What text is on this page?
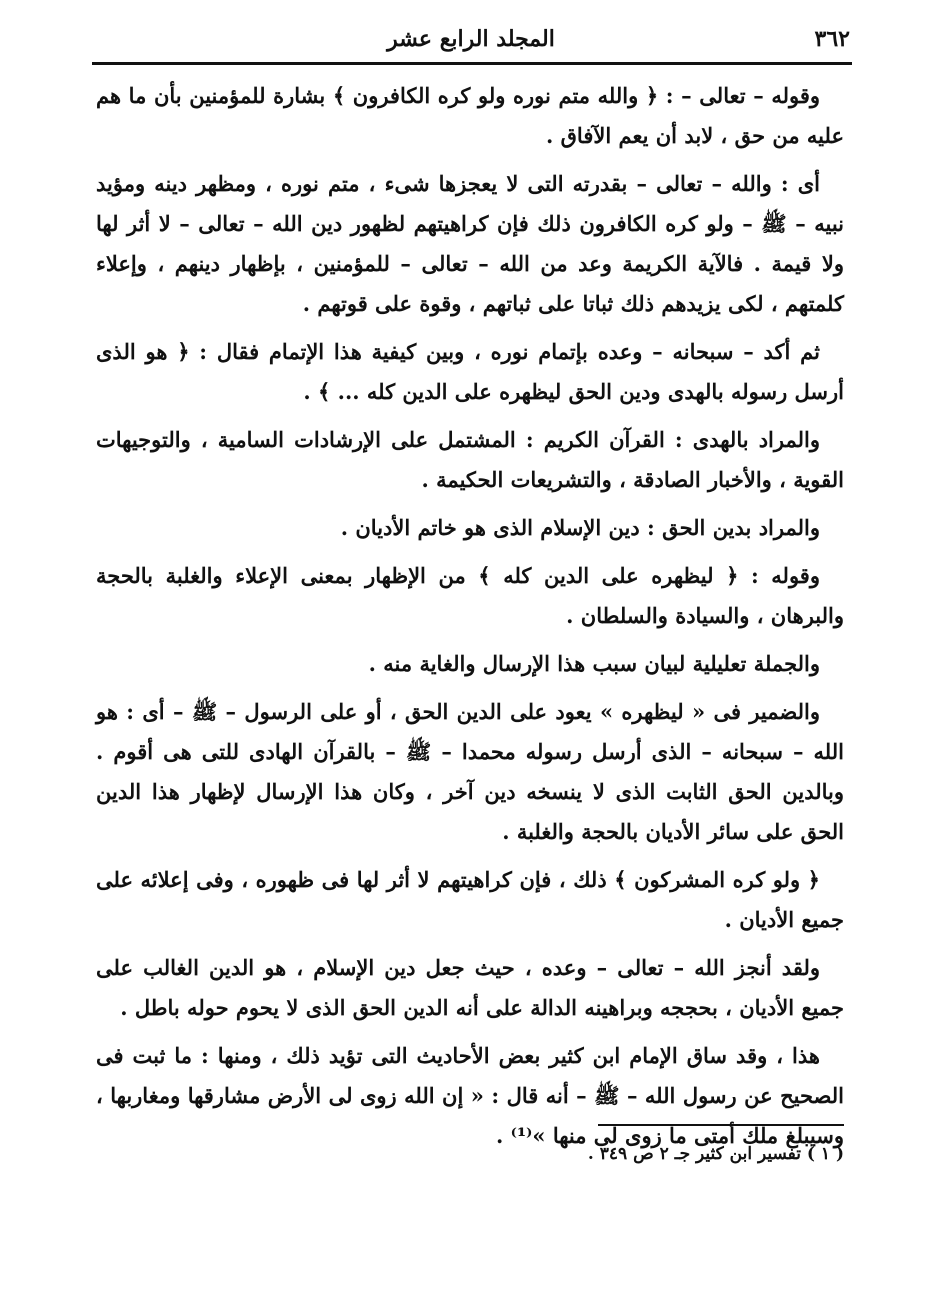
٣٦٢
المجلد الرابع عشر

وقوله – تعالى – : ﴿ والله متم نوره ولو كره الكافرون ﴾ بشارة للمؤمنين بأن ما هم عليه من حق ، لابد أن يعم الآفاق .

أى : والله – تعالى – بقدرته التى لا يعجزها شىء ، متم نوره ، ومظهر دينه ومؤيد نبيه – ﷺ – ولو كره الكافرون ذلك فإن كراهيتهم لظهور دين الله – تعالى – لا أثر لها ولا قيمة . فالآية الكريمة وعد من الله – تعالى – للمؤمنين ، بإظهار دينهم ، وإعلاء كلمتهم ، لكى يزيدهم ذلك ثباتا على ثباتهم ، وقوة على قوتهم .

ثم أكد – سبحانه – وعده بإتمام نوره ، وبين كيفية هذا الإتمام فقال : ﴿ هو الذى أرسل رسوله بالهدى ودين الحق ليظهره على الدين كله ... ﴾ .

والمراد بالهدى : القرآن الكريم : المشتمل على الإرشادات السامية ، والتوجيهات القوية ، والأخبار الصادقة ، والتشريعات الحكيمة .

والمراد بدين الحق : دين الإسلام الذى هو خاتم الأديان .

وقوله : ﴿ ليظهره على الدين كله ﴾ من الإظهار بمعنى الإعلاء والغلبة بالحجة والبرهان ، والسيادة والسلطان .

والجملة تعليلية لبيان سبب هذا الإرسال والغاية منه .

والضمير فى « ليظهره » يعود على الدين الحق ، أو على الرسول – ﷺ – أى : هو الله – سبحانه – الذى أرسل رسوله محمدا – ﷺ – بالقرآن الهادى للتى هى أقوم . وبالدين الحق الثابت الذى لا ينسخه دين آخر ، وكان هذا الإرسال لإظهار هذا الدين الحق على سائر الأديان بالحجة والغلبة .

﴿ ولو كره المشركون ﴾ ذلك ، فإن كراهيتهم لا أثر لها فى ظهوره ، وفى إعلائه على جميع الأديان .

ولقد أنجز الله – تعالى – وعده ، حيث جعل دين الإسلام ، هو الدين الغالب على جميع الأديان ، بحججه وبراهينه الدالة على أنه الدين الحق الذى لا يحوم حوله باطل .

هذا ، وقد ساق الإمام ابن كثير بعض الأحاديث التى تؤيد ذلك ، ومنها : ما ثبت فى الصحيح عن رسول الله – ﷺ – أنه قال : « إن الله زوى لى الأرض مشارقها ومغاربها ، وسيبلغ ملك أمتى ما زوى لى منها »⁽¹⁾ .

( ١ ) تفسير ابن كثير جـ ٢ ص ٣٤٩ .
